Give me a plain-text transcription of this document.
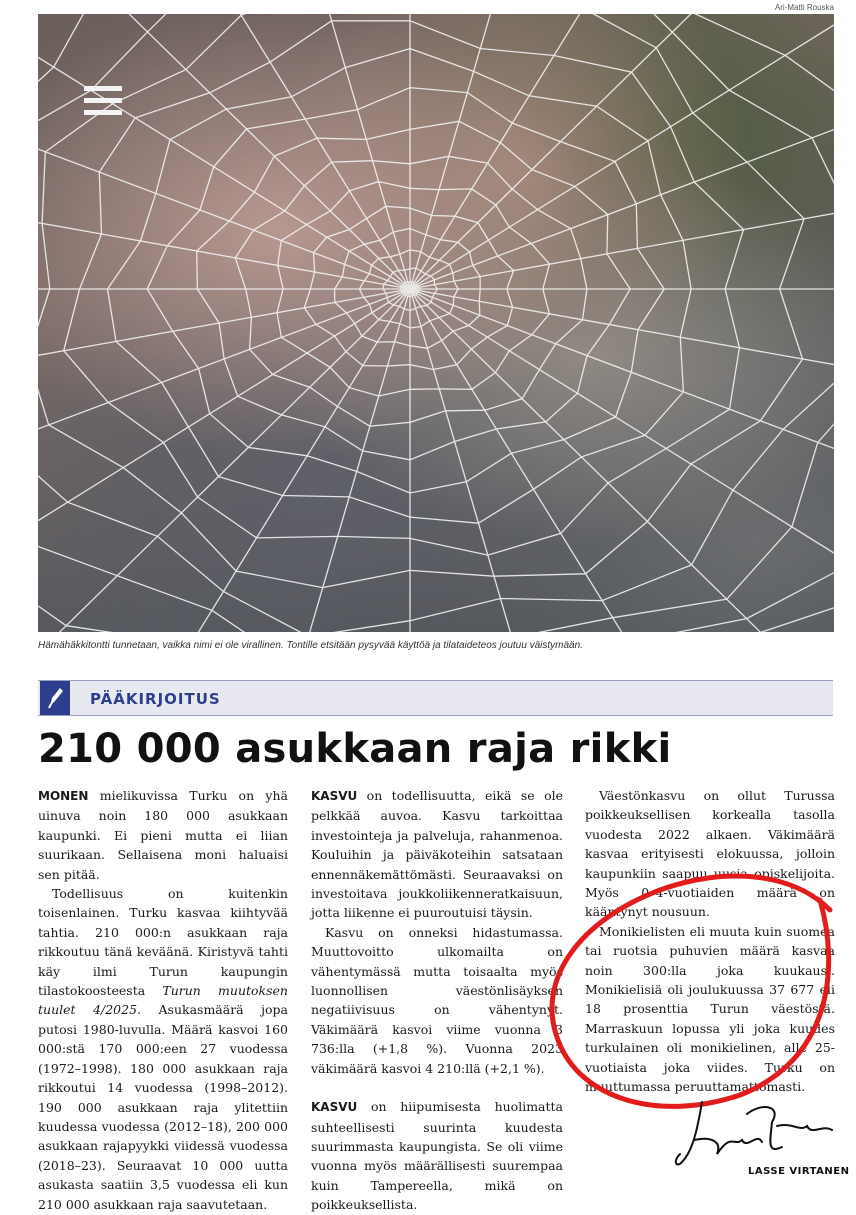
Ari-Matti Rouska
Hämähäkkitontti tunnetaan, vaikka nimi ei ole virallinen. Tontille etsitään pysyvää käyttöä ja tilataideteos joutuu väistymään.
PÄÄKIRJOITUS
210 000 asukkaan raja rikki

MONEN mielikuvissa Turku on yhä uinuva noin 180 000 asukkaan kaupunki. Ei pieni mutta ei liian suurikaan. Sellaisena moni haluaisi sen pitää.

Todellisuus on kuitenkin toisenlainen. Turku kasvaa kiihtyvää tahtia. 210 000:n asukkaan raja rikkoutuu tänä keväänä. Kiristyvä tahti käy ilmi Turun kaupungin tilastokoosteesta Turun muutoksen tuulet 4/2025. Asukasmäärä jopa putosi 1980-luvulla. Määrä kasvoi 160 000:stä 170 000:een 27 vuodessa (1972–1998). 180 000 asukkaan raja rikkoutui 14 vuodessa (1998–2012). 190 000 asukkaan raja ylitettiin kuudessa vuodessa (2012–18), 200 000 asukkaan rajapyykki viidessä vuodessa (2018–23). Seuraavat 10 000 uutta asukasta saatiin 3,5 vuodessa eli kun 210 000 asukkaan raja saavutetaan.

KASVU on todellisuutta, eikä se ole pelkkää auvoa. Kasvu tarkoittaa investointeja ja palveluja, rahanmenoa. Kouluihin ja päiväkoteihin satsataan ennennäkemättömästi. Seuraavaksi on investoitava joukkoliikenneratkaisuun, jotta liikenne ei puuroutuisi täysin.

Kasvu on onneksi hidastumassa. Muuttovoitto ulkomailta on vähentymässä mutta toisaalta myös luonnollisen väestönlisäyksen negatiivisuus on vähentynyt. Väkimäärä kasvoi viime vuonna 3 736:lla (+1,8 %). Vuonna 2023 väkimäärä kasvoi 4 210:llä (+2,1 %).

KASVU on hiipumisesta huolimatta suhteellisesti suurinta kuudesta suurimmasta kaupungista. Se oli viime vuonna myös määrällisesti suurempaa kuin Tampereella, mikä on poikkeuksellista.

Väestönkasvu on ollut Turussa poikkeuksellisen korkealla tasolla vuodesta 2022 alkaen. Väkimäärä kasvaa erityisesti elokuussa, jolloin kaupunkiin saapuu uusia opiskelijoita. Myös 0–4-vuotiaiden määrä on kääntynyt nousuun.

Monikielisten eli muuta kuin suomea tai ruotsia puhuvien määrä kasvaa noin 300:lla joka kuukausi. Monikielisiä oli joulukuussa 37 677 eli 18 prosenttia Turun väestöstä. Marraskuun lopussa yli joka kuudes turkulainen oli monikielinen, alle 25-vuotiaista joka viides. Turku on muuttumassa peruuttamattomasti.

LASSE VIRTANEN
